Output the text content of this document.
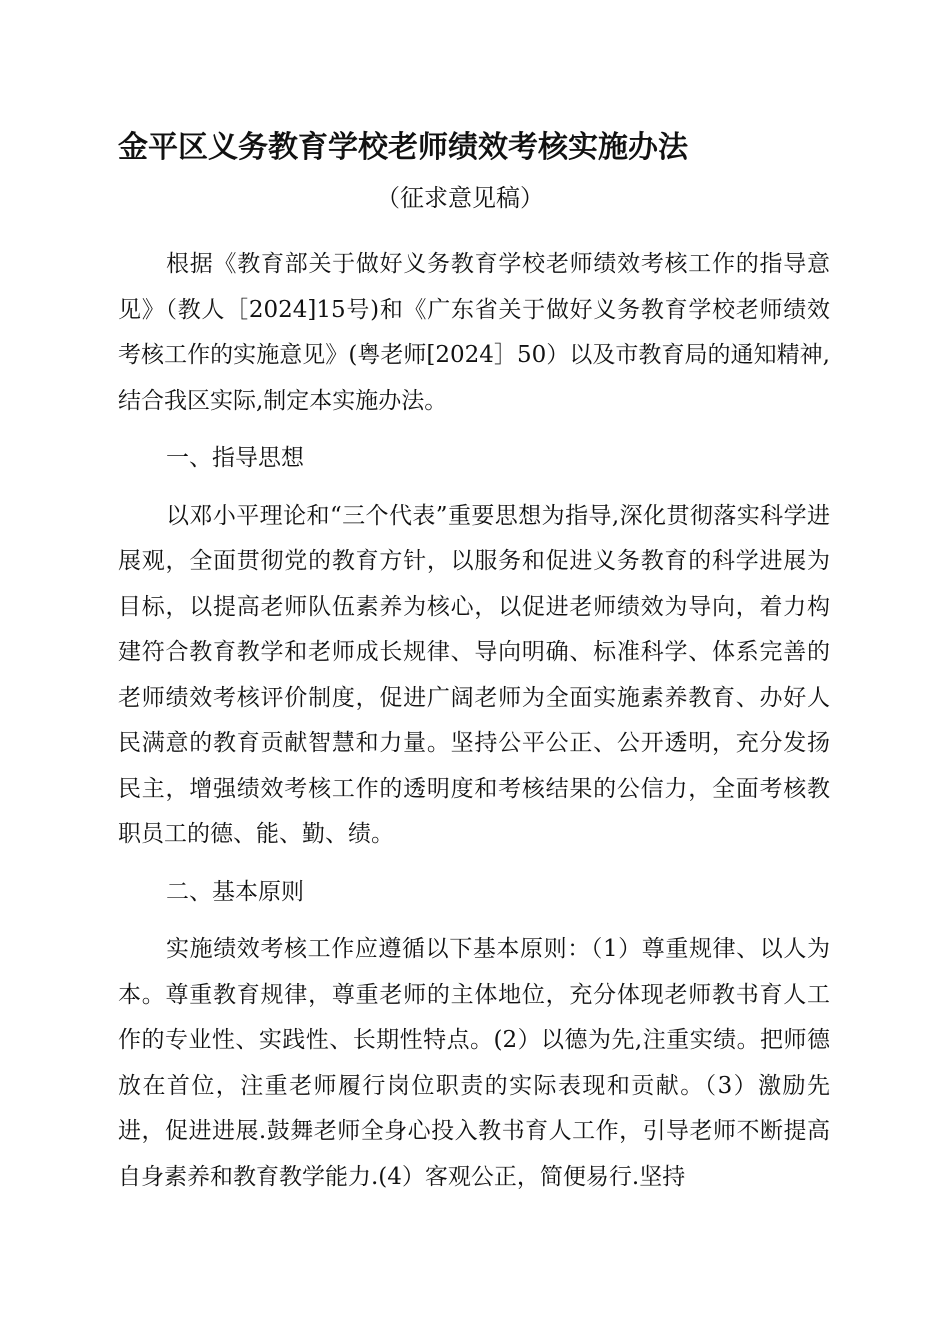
金平区义务教育学校老师绩效考核实施办法

（征求意见稿）

根据《教育部关于做好义务教育学校老师绩效考核工作的指导意见》（教人［2024]15号)和《广东省关于做好义务教育学校老师绩效考核工作的实施意见》(粤老师[2024］50）以及市教育局的通知精神,结合我区实际,制定本实施办法。

一、指导思想

以邓小平理论和“三个代表”重要思想为指导,深化贯彻落实科学进展观，全面贯彻党的教育方针，以服务和促进义务教育的科学进展为目标，以提高老师队伍素养为核心，以促进老师绩效为导向，着力构建符合教育教学和老师成长规律、导向明确、标准科学、体系完善的老师绩效考核评价制度，促进广阔老师为全面实施素养教育、办好人民满意的教育贡献智慧和力量。坚持公平公正、公开透明，充分发扬民主，增强绩效考核工作的透明度和考核结果的公信力，全面考核教职员工的德、能、勤、绩。

二、基本原则

实施绩效考核工作应遵循以下基本原则：（1）尊重规律、以人为本。尊重教育规律，尊重老师的主体地位，充分体现老师教书育人工作的专业性、实践性、长期性特点。(2）以德为先,注重实绩。把师德放在首位，注重老师履行岗位职责的实际表现和贡献。（3）激励先进，促进进展.鼓舞老师全身心投入教书育人工作，引导老师不断提高自身素养和教育教学能力.(4）客观公正，简便易行.坚持
